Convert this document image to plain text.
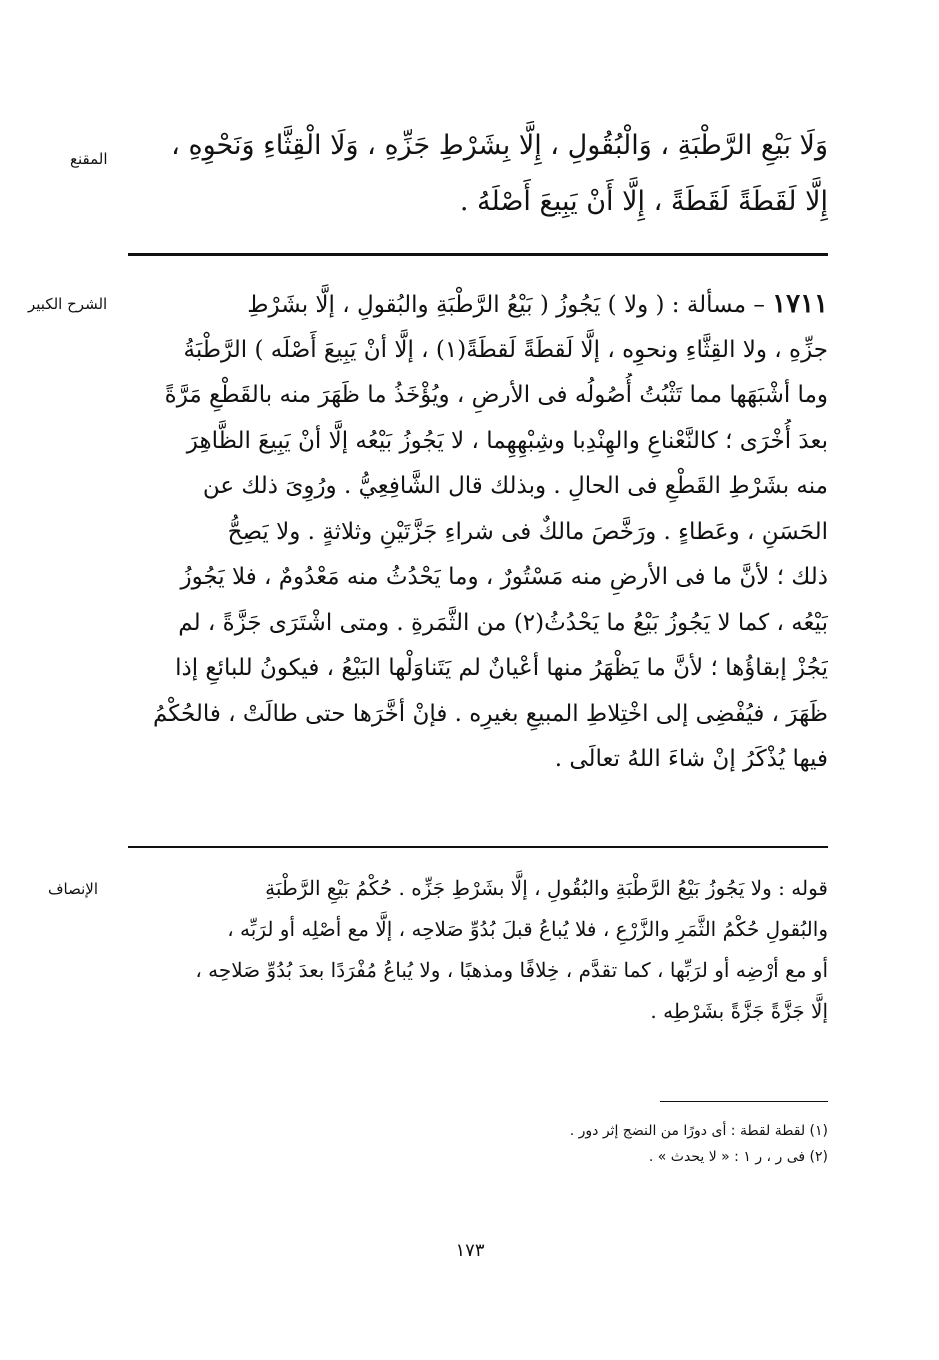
المقنع	وَلَا بَيْعِ الرَّطْبَةِ ، وَالْبُقُولِ ، إِلَّا بِشَرْطِ جَزِّهِ ، وَلَا الْقِثَّاءِ وَنَحْوِهِ ،
إِلَّا لَقَطَةً لَقَطَةً ، إِلَّا أَنْ يَبِيعَ أَصْلَهُ .
الشرح الكبير	١٧١١ – مسألة : ( ولا ) يَجُوزُ ( بَيْعُ الرَّطْبَةِ والبُقولِ ، إلَّا بشَرْطِ
جزِّهِ ، ولا القِثَّاءِ ونحوِه ، إلَّا لَقطَةً لَقطَةً(١) ، إلَّا أنْ يَبِيعَ أَصْلَه ) الرَّطْبَةُ
وما أشْبَهَها مما تَثْبُتُ أُصُولُه فى الأرضِ ، ويُؤْخَذُ ما ظَهَرَ منه بالقَطْعِ مَرَّةً
بعدَ أُخْرَى ؛ كالنَّعْناعِ والهِنْدِبا وشِبْهِهِما ، لا يَجُوزُ بَيْعُه إلَّا أنْ يَبِيعَ الظَّاهِرَ
منه بشَرْطِ القَطْعِ فى الحالِ . وبذلك قال الشَّافِعِيُّ . ورُوِىَ ذلك عن
الحَسَنِ ، وعَطاءٍ . ورَخَّصَ مالكٌ فى شراءِ جَزَّتَيْنِ وثلاثةٍ . ولا يَصِحُّ
ذلك ؛ لأنَّ ما فى الأرضِ منه مَسْتُورٌ ، وما يَحْدُثُ منه مَعْدُومٌ ، فلا يَجُوزُ
بَيْعُه ، كما لا يَجُوزُ بَيْعُ ما يَحْدُثُ(٢) من الثَّمَرةِ . ومتى اشْتَرَى جَزَّةً ، لم
يَجُزْ إبقاؤُها ؛ لأنَّ ما يَظْهَرُ منها أعْيانٌ لم يَتَناوَلْها البَيْعُ ، فيكونُ للبائعِ إذا
ظَهَرَ ، فيُفْضِى إلى اخْتِلاطِ المبيعِ بغيرِه . فإنْ أخَّرَها حتى طالَتْ ، فالحُكْمُ
فيها يُذْكَرُ إنْ شاءَ اللهُ تعالَى .
الإنصاف	قوله : ولا يَجُوزُ بَيْعُ الرَّطْبَةِ والبُقُولِ ، إلَّا بشَرْطِ جَزِّه . حُكْمُ بَيْعِ الرَّطْبَةِ
والبُقولِ حُكْمُ الثَّمَرِ والزَّرْعِ ، فلا يُباعُ قبلَ بُدُوِّ صَلاحِه ، إلَّا مع أصْلِه أو لرَبِّه ،
أو مع أرْضِه أو لرَبِّها ، كما تقدَّم ، خِلافًا ومذهبًا ، ولا يُباعُ مُفْرَدًا بعدَ بُدُوِّ صَلاحِه ،
إلَّا جَزَّةً جَزَّةً بشَرْطِه .
(١) لقطة لقطة : أى دورًا من النضج إثر دور .
(٢) فى ر ، ر ١ : « لا يحدث » .
١٧٣
